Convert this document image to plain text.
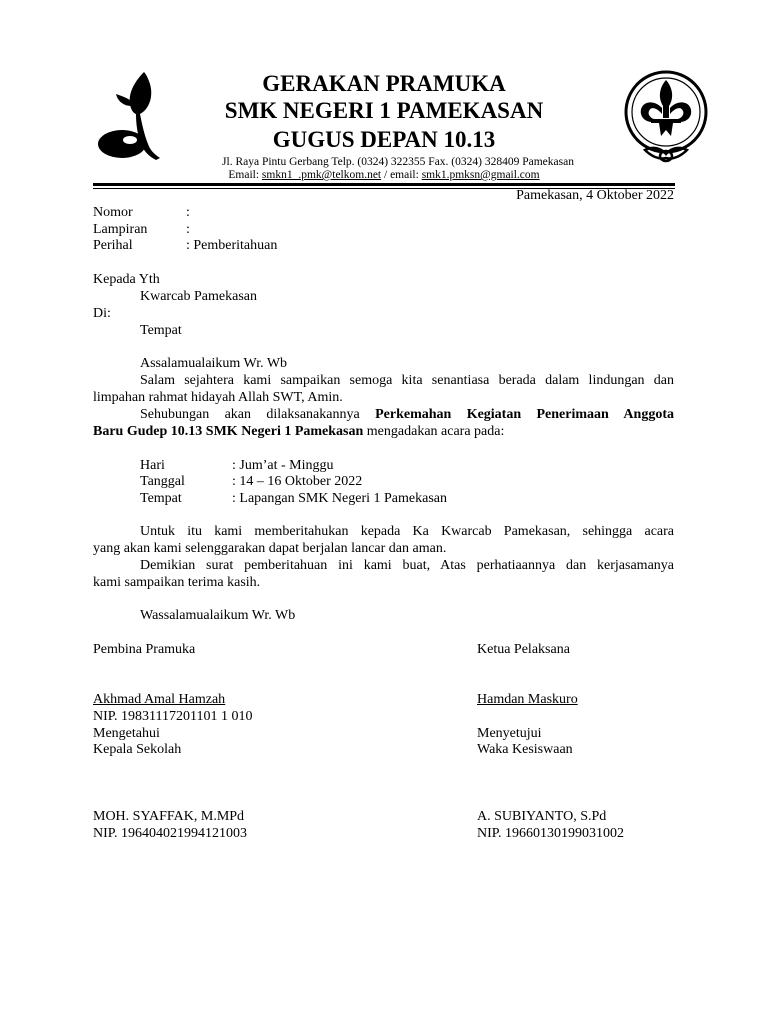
GERAKAN PRAMUKA
SMK NEGERI 1 PAMEKASAN
GUGUS DEPAN 10.13
Jl. Raya Pintu Gerbang Telp. (0324) 322355 Fax. (0324) 328409 Pamekasan
Email: smkn1_.pmk@telkom.net / email: smk1.pmksn@gmail.com
Pamekasan, 4 Oktober 2022
Nomor	:
Lampiran	:
Perihal	: Pemberitahuan
Kepada Yth
Kwarcab Pamekasan
Di:
Tempat
Assalamualaikum Wr. Wb
Salam sejahtera kami sampaikan semoga kita senantiasa berada dalam lindungan dan
limpahan rahmat hidayah Allah SWT, Amin.
Sehubungan akan dilaksanakannya Perkemahan Kegiatan Penerimaan Anggota
Baru Gudep 10.13 SMK Negeri 1 Pamekasan mengadakan acara pada:
Hari	: Jum’at - Minggu
Tanggal	: 14 – 16 Oktober 2022
Tempat	: Lapangan SMK Negeri 1 Pamekasan
Untuk itu kami memberitahukan kepada Ka Kwarcab Pamekasan, sehingga acara
yang akan kami selenggarakan dapat berjalan lancar dan aman.
Demikian surat pemberitahuan ini kami buat, Atas perhatiaannya dan kerjasamanya
kami sampaikan terima kasih.
Wassalamualaikum Wr. Wb
Pembina Pramuka	Ketua Pelaksana
Akhmad Amal Hamzah	Hamdan Maskuro
NIP. 19831117201101 1 010
Mengetahui	Menyetujui
Kepala Sekolah	Waka Kesiswaan
MOH. SYAFFAK, M.MPd	A. SUBIYANTO, S.Pd
NIP. 196404021994121003	NIP. 19660130199031002
